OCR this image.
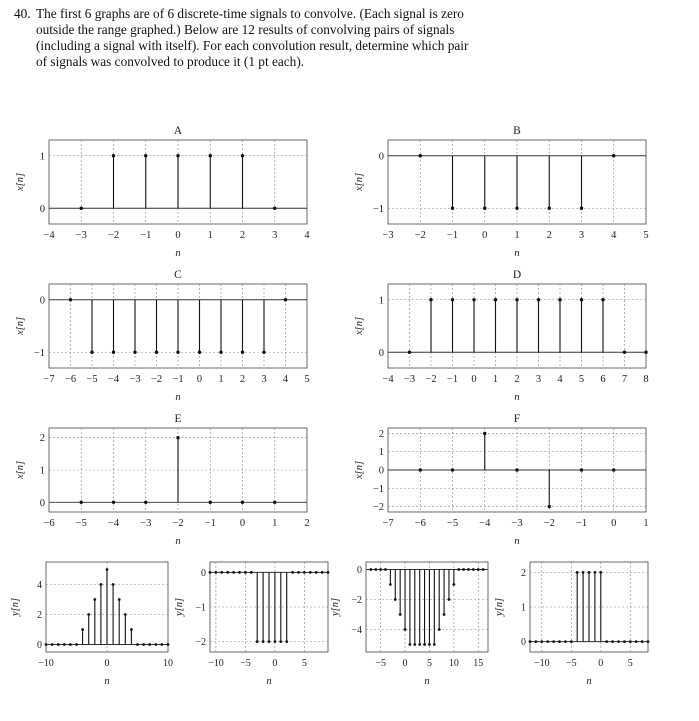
40. The first 6 graphs are of 6 discrete-time signals to convolve. (Each signal is zero
outside the range graphed.) Below are 12 results of convolving pairs of signals
(including a signal with itself). For each convolution result, determine which pair
of signals was convolved to produce it (1 pt each).
−4 −3 −2 −1 0	1	2	3	4
0
1
A
n
x[n]
−3 −2 −1 0	1	2	3	4	5
0
−1
B
n
x[n]
−7 −6 −5 −4 −3 −2 −1 0 1 2 3 4 5
0
−1
C
n
x[n]
−4 −3 −2 −1 0 1 2 3 4 5 6 7 8
0
1
D
n
x[n]
−6 −5 −4 −3 −2 −1 0	1	2
0
1
2
E
n
x[n]
−7 −6 −5 −4 −3 −2 −1 0	1
−2
−1
0
1
2
F
n
x[n]
−10	0	10
0
2
4
n
y[n]
−10 −5 0 5
0
−1
−2
n
y[n]
−5 0 5 10 15
0
−2
−4
n
y[n]
−10 −5 0 5
0
1
2
n
y[n]
